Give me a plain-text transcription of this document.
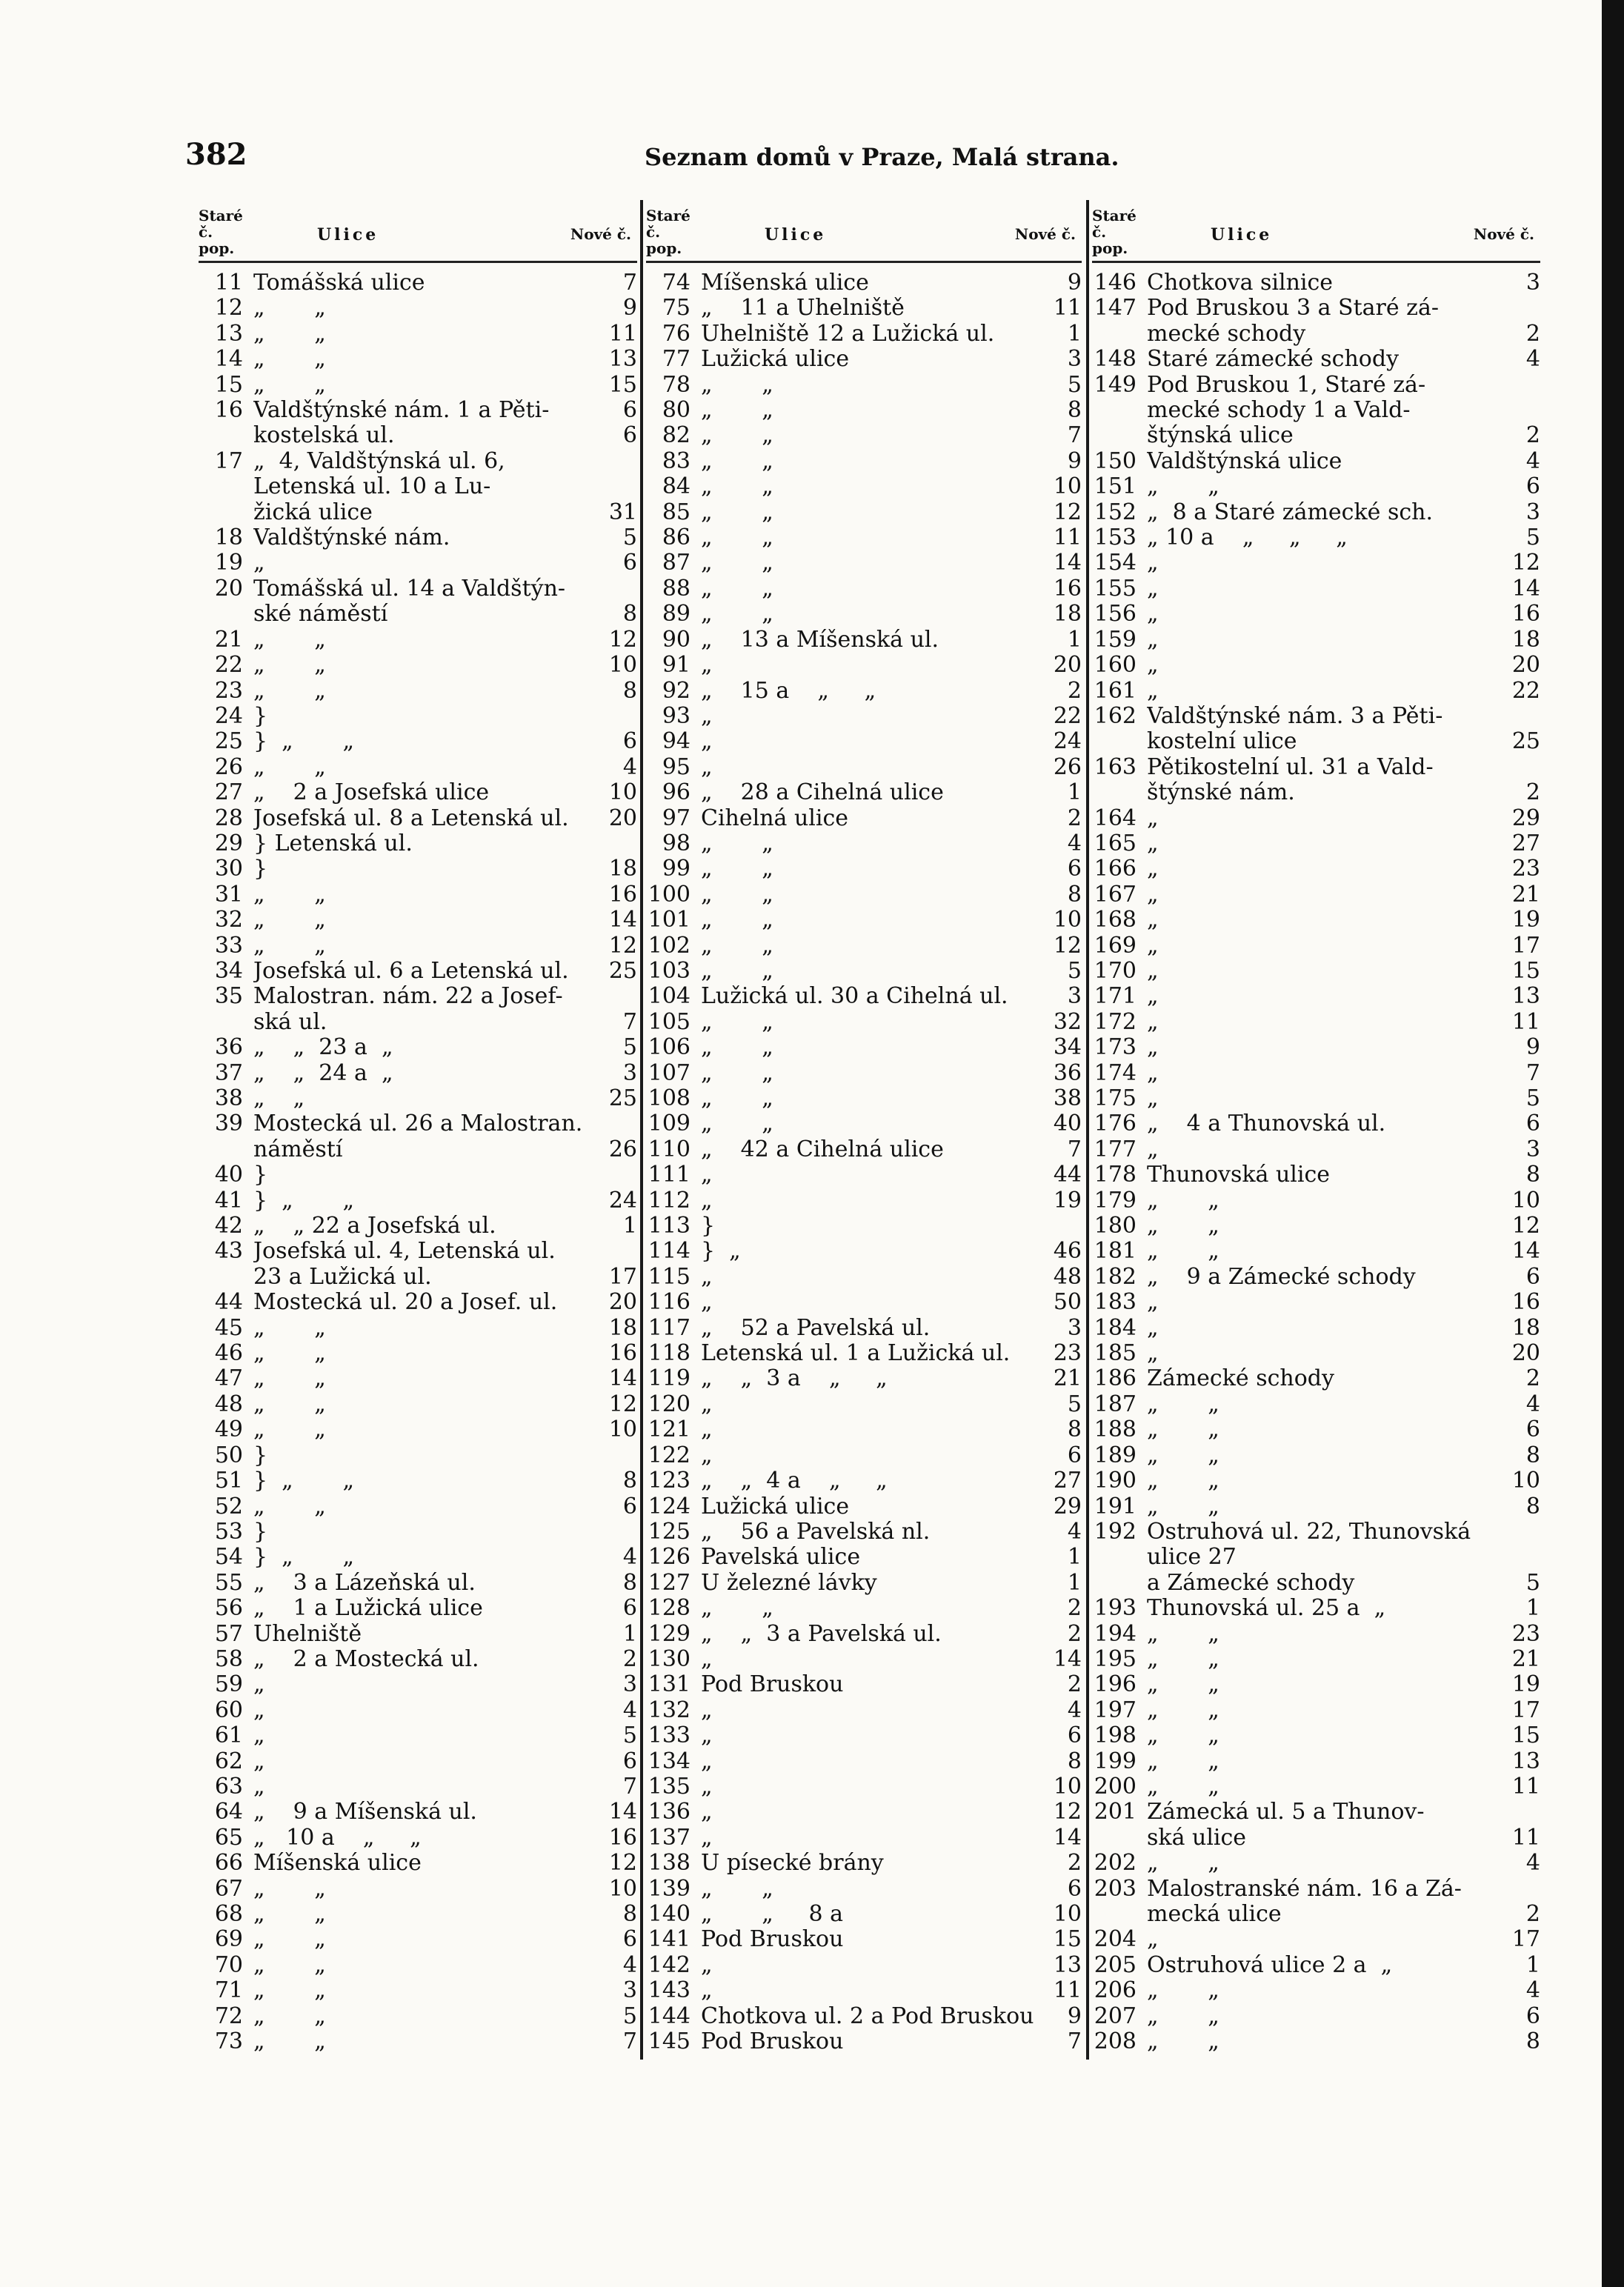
382	Seznam domů v Praze, Malá strana.
Staré č. pop.
Ulice	Nové č.
11 Tomášská ulice	7
12 „       „	9
13 „       „	11
14 „       „	13
15 „       „	15
16 Valdštýnské nám. 1 a Pěti-	6
kostelská ul.	6
17 „  4, Valdštýnská ul. 6,
Letenská ul. 10 a Lu-
žická ulice	31
18 Valdštýnské nám.	5
19 „	6
20 Tomášská ul. 14 a Valdštýn-
ské náměstí	8
21 „       „	12
22 „       „	10
23 „       „	8
24 }
25 }  „       „	6
26 „       „	4
27 „    2 a Josefská ulice	10
28 Josefská ul. 8 a Letenská ul.	20
29 } Letenská ul.
30 }	18
31 „       „	16
32 „       „	14
33 „       „	12
34 Josefská ul. 6 a Letenská ul.	25
35 Malostran. nám. 22 a Josef-
ská ul.	7
36 „    „  23 a  „	5
37 „    „  24 a  „	3
38 „    „	25
39 Mostecká ul. 26 a Malostran.
náměstí	26
40 }
41 }  „       „	24
42 „    „ 22 a Josefská ul.	1
43 Josefská ul. 4, Letenská ul.
23 a Lužická ul.	17
44 Mostecká ul. 20 a Josef. ul.	20
45 „       „	18
46 „       „	16
47 „       „	14
48 „       „	12
49 „       „	10
50 }
51 }  „       „	8
52 „       „	6
53 }
54 }  „       „	4
55 „    3 a Lázeňská ul.	8
56 „    1 a Lužická ulice	6
57 Uhelniště	1
58 „    2 a Mostecká ul.	2
59 „	3
60 „	4
61 „	5
62 „	6
63 „	7
64 „    9 a Míšenská ul.	14
65 „   10 a    „     „	16
66 Míšenská ulice	12
67 „       „	10
68 „       „	8
69 „       „	6
70 „       „	4
71 „       „	3
72 „       „	5
73 „       „	7
Staré č. pop.
Ulice	Nové č.
74 Míšenská ulice	9
75 „    11 a Uhelniště	11
76 Uhelniště 12 a Lužická ul.	1
77 Lužická ulice	3
78 „       „	5
80 „       „	8
82 „       „	7
83 „       „	9
84 „       „	10
85 „       „	12
86 „       „	11
87 „       „	14
88 „       „	16
89 „       „	18
90 „    13 a Míšenská ul.	1
91 „	20
92 „    15 a    „     „	2
93 „	22
94 „	24
95 „	26
96 „    28 a Cihelná ulice	1
97 Cihelná ulice	2
98 „       „	4
99 „       „	6
100 „       „	8
101 „       „	10
102 „       „	12
103 „       „	5
104 Lužická ul. 30 a Cihelná ul.	3
105 „       „	32
106 „       „	34
107 „       „	36
108 „       „	38
109 „       „	40
110 „    42 a Cihelná ulice	7
111 „	44
112 „	19
113 }
114 }  „	46
115 „	48
116 „	50
117 „    52 a Pavelská ul.	3
118 Letenská ul. 1 a Lužická ul.	23
119 „    „  3 a    „     „	21
120 „	5
121 „	8
122 „	6
123 „    „  4 a    „     „	27
124 Lužická ulice	29
125 „    56 a Pavelská nl.	4
126 Pavelská ulice	1
127 U železné lávky	1
128 „       „	2
129 „    „  3 a Pavelská ul.	2
130 „	14
131 Pod Bruskou	2
132 „	4
133 „	6
134 „	8
135 „	10
136 „	12
137 „	14
138 U písecké brány	2
139 „       „	6
140 „       „     8 a	10
141 Pod Bruskou	15
142 „	13
143 „	11
144 Chotkova ul. 2 a Pod Bruskou	9
145 Pod Bruskou	7
Staré č. pop.
Ulice	Nové č.
146 Chotkova silnice	3
147 Pod Bruskou 3 a Staré zá-
mecké schody	2
148 Staré zámecké schody	4
149 Pod Bruskou 1, Staré zá-
mecké schody 1 a Vald-
štýnská ulice	2
150 Valdštýnská ulice	4
151 „       „	6
152 „  8 a Staré zámecké sch.	3
153 „ 10 a    „     „     „	5
154 „	12
155 „	14
156 „	16
159 „	18
160 „	20
161 „	22
162 Valdštýnské nám. 3 a Pěti-
kostelní ulice	25
163 Pětikostelní ul. 31 a Vald-
štýnské nám.	2
164 „	29
165 „	27
166 „	23
167 „	21
168 „	19
169 „	17
170 „	15
171 „	13
172 „	11
173 „	9
174 „	7
175 „	5
176 „    4 a Thunovská ul.	6
177 „	3
178 Thunovská ulice	8
179 „       „	10
180 „       „	12
181 „       „	14
182 „    9 a Zámecké schody	6
183 „	16
184 „	18
185 „	20
186 Zámecké schody	2
187 „       „	4
188 „       „	6
189 „       „	8
190 „       „	10
191 „       „	8
192 Ostruhová ul. 22, Thunovská
ulice 27
a Zámecké schody	5
193 Thunovská ul. 25 a  „	1
194 „       „	23
195 „       „	21
196 „       „	19
197 „       „	17
198 „       „	15
199 „       „	13
200 „       „	11
201 Zámecká ul. 5 a Thunov-
ská ulice	11
202 „       „	4
203 Malostranské nám. 16 a Zá-
mecká ulice	2
204 „	17
205 Ostruhová ulice 2 a  „	1
206 „       „	4
207 „       „	6
208 „       „	8
